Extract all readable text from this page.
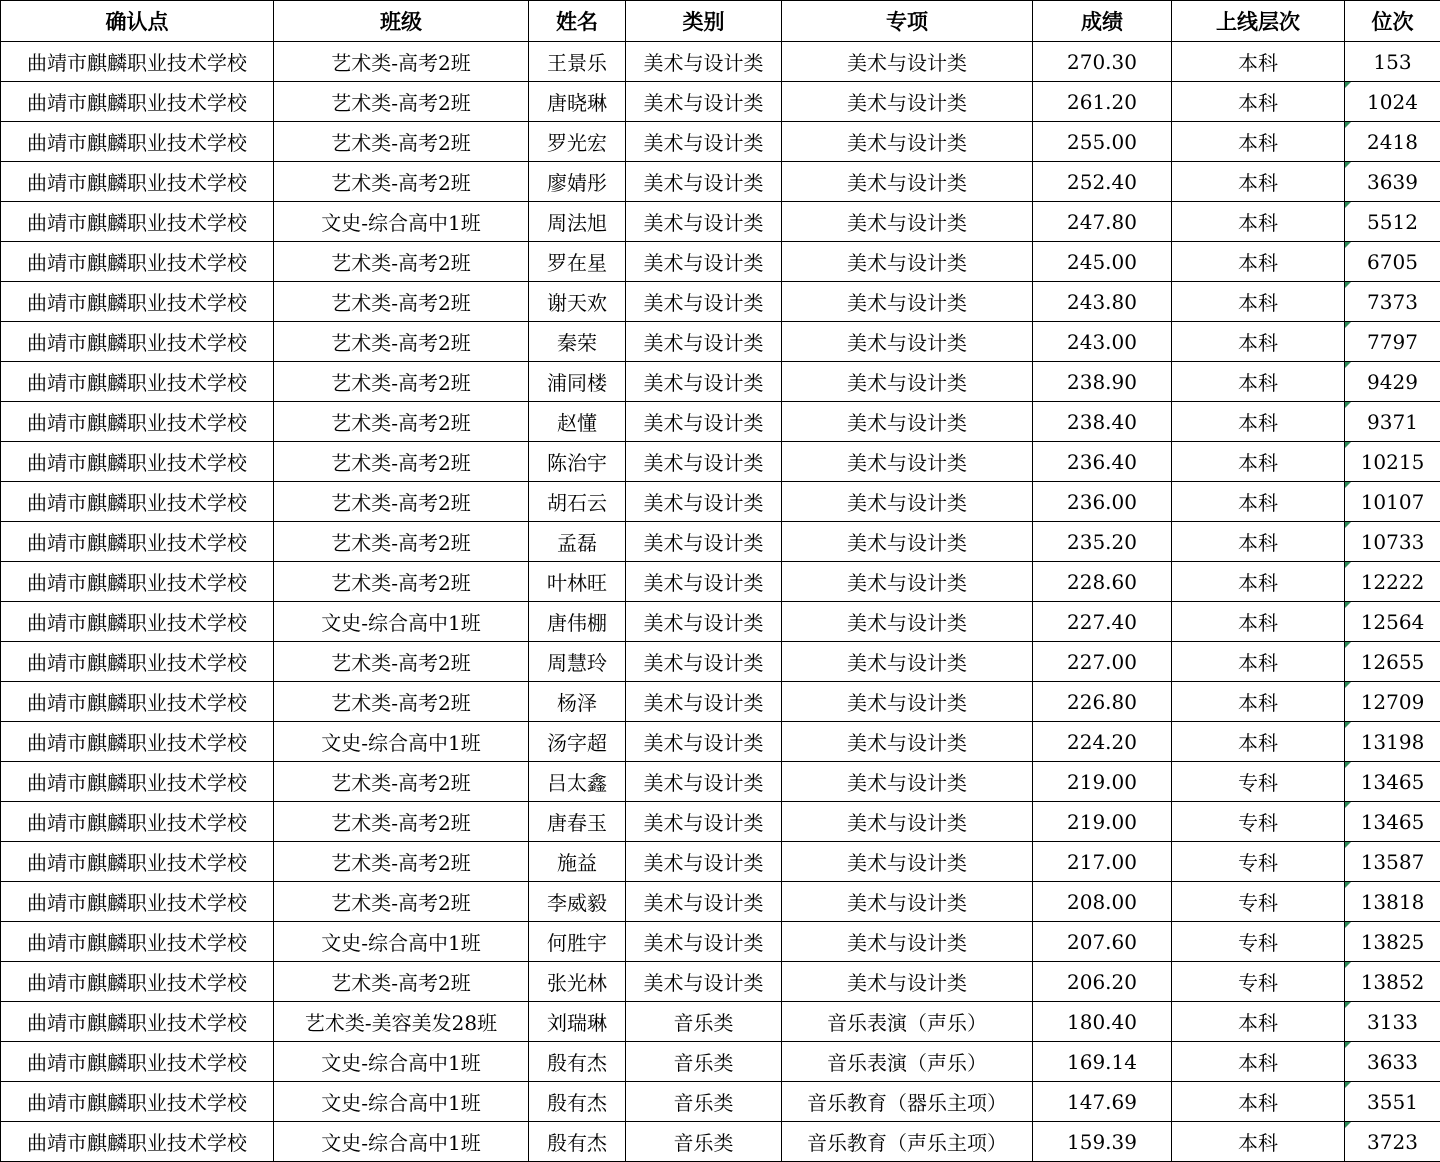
确认点	班级	姓名	类别	专项	成绩	上线层次	位次
曲靖市麒麟职业技术学校	艺术类-高考2班	王景乐	美术与设计类	美术与设计类	270.30	本科	153
曲靖市麒麟职业技术学校	艺术类-高考2班	唐晓琳	美术与设计类	美术与设计类	261.20	本科	1024
曲靖市麒麟职业技术学校	艺术类-高考2班	罗光宏	美术与设计类	美术与设计类	255.00	本科	2418
曲靖市麒麟职业技术学校	艺术类-高考2班	廖婧彤	美术与设计类	美术与设计类	252.40	本科	3639
曲靖市麒麟职业技术学校	文史-综合高中1班	周法旭	美术与设计类	美术与设计类	247.80	本科	5512
曲靖市麒麟职业技术学校	艺术类-高考2班	罗在星	美术与设计类	美术与设计类	245.00	本科	6705
曲靖市麒麟职业技术学校	艺术类-高考2班	谢天欢	美术与设计类	美术与设计类	243.80	本科	7373
曲靖市麒麟职业技术学校	艺术类-高考2班	秦荣	美术与设计类	美术与设计类	243.00	本科	7797
曲靖市麒麟职业技术学校	艺术类-高考2班	浦同楼	美术与设计类	美术与设计类	238.90	本科	9429
曲靖市麒麟职业技术学校	艺术类-高考2班	赵懂	美术与设计类	美术与设计类	238.40	本科	9371
曲靖市麒麟职业技术学校	艺术类-高考2班	陈治宇	美术与设计类	美术与设计类	236.40	本科	10215
曲靖市麒麟职业技术学校	艺术类-高考2班	胡石云	美术与设计类	美术与设计类	236.00	本科	10107
曲靖市麒麟职业技术学校	艺术类-高考2班	孟磊	美术与设计类	美术与设计类	235.20	本科	10733
曲靖市麒麟职业技术学校	艺术类-高考2班	叶林旺	美术与设计类	美术与设计类	228.60	本科	12222
曲靖市麒麟职业技术学校	文史-综合高中1班	唐伟棚	美术与设计类	美术与设计类	227.40	本科	12564
曲靖市麒麟职业技术学校	艺术类-高考2班	周慧玲	美术与设计类	美术与设计类	227.00	本科	12655
曲靖市麒麟职业技术学校	艺术类-高考2班	杨泽	美术与设计类	美术与设计类	226.80	本科	12709
曲靖市麒麟职业技术学校	文史-综合高中1班	汤字超	美术与设计类	美术与设计类	224.20	本科	13198
曲靖市麒麟职业技术学校	艺术类-高考2班	吕太鑫	美术与设计类	美术与设计类	219.00	专科	13465
曲靖市麒麟职业技术学校	艺术类-高考2班	唐春玉	美术与设计类	美术与设计类	219.00	专科	13465
曲靖市麒麟职业技术学校	艺术类-高考2班	施益	美术与设计类	美术与设计类	217.00	专科	13587
曲靖市麒麟职业技术学校	艺术类-高考2班	李威毅	美术与设计类	美术与设计类	208.00	专科	13818
曲靖市麒麟职业技术学校	文史-综合高中1班	何胜宇	美术与设计类	美术与设计类	207.60	专科	13825
曲靖市麒麟职业技术学校	艺术类-高考2班	张光林	美术与设计类	美术与设计类	206.20	专科	13852
曲靖市麒麟职业技术学校	艺术类-美容美发28班	刘瑞琳	音乐类	音乐表演（声乐）	180.40	本科	3133
曲靖市麒麟职业技术学校	文史-综合高中1班	殷有杰	音乐类	音乐表演（声乐）	169.14	本科	3633
曲靖市麒麟职业技术学校	文史-综合高中1班	殷有杰	音乐类	音乐教育（器乐主项）	147.69	本科	3551
曲靖市麒麟职业技术学校	文史-综合高中1班	殷有杰	音乐类	音乐教育（声乐主项）	159.39	本科	3723
